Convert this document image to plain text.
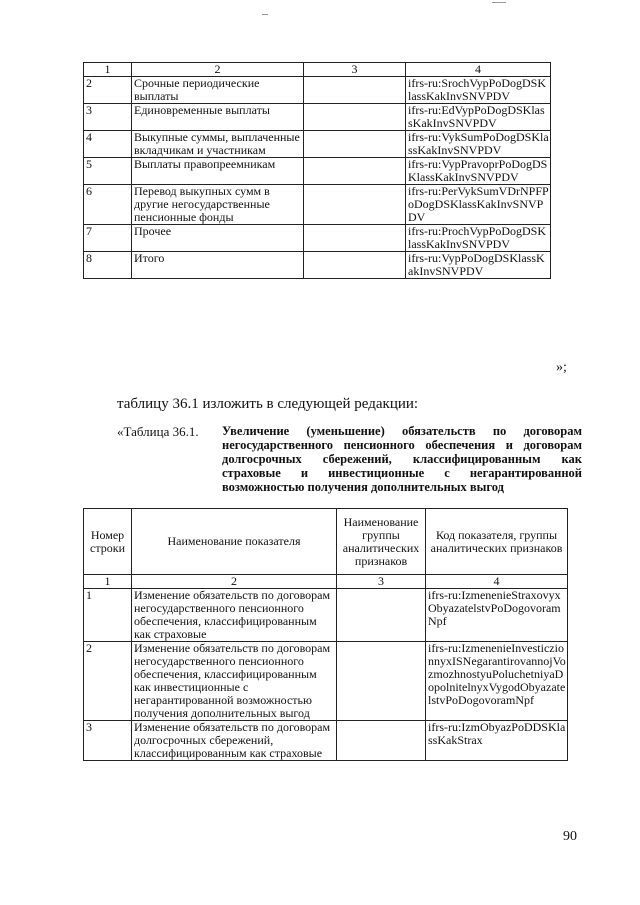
1	2	3	4
2	Срочные периодические выплаты		ifrs-ru:SrochVypPoDogDSKlassKakInvSNVPDV
3	Единовременные выплаты		ifrs-ru:EdVypPoDogDSKlassKakInvSNVPDV
4	Выкупные суммы, выплаченные вкладчикам и участникам		ifrs-ru:VykSumPoDogDSKlassKakInvSNVPDV
5	Выплаты правопреемникам		ifrs-ru:VypPravoprPoDogDSKlassKakInvSNVPDV
6	Перевод выкупных сумм в другие негосударственные пенсионные фонды		ifrs-ru:PerVykSumVDrNPFPoDogDSKlassKakInvSNVPDV
7	Прочее		ifrs-ru:ProchVypPoDogDSKlassKakInvSNVPDV
8	Итого		ifrs-ru:VypPoDogDSKlassKakInvSNVPDV
»;
таблицу 36.1 изложить в следующей редакции:
«Таблица 36.1. Увеличение (уменьшение) обязательств по договорам негосударственного пенсионного обеспечения и договорам долгосрочных сбережений, классифицированным как страховые и инвестиционные с негарантированной возможностью получения дополнительных выгод
Номер строки	Наименование показателя	Наименование группы аналитических признаков	Код показателя, группы аналитических признаков
1	2	3	4
1	Изменение обязательств по договорам негосударственного пенсионного обеспечения, классифицированным как страховые		ifrs-ru:IzmenenieStraxovyxObyazatelstvPoDogovoramNpf
2	Изменение обязательств по договорам негосударственного пенсионного обеспечения, классифицированным как инвестиционные с негарантированной возможностью получения дополнительных выгод		ifrs-ru:IzmenenieInvesticzionnyxISNegarantirovannojVozmozhnostyuPoluchetniyaDopolnitelnyxVygodObyazatelstvPoDogovoramNpf
3	Изменение обязательств по договорам долгосрочных сбережений, классифицированным как страховые		ifrs-ru:IzmObyazPoDDSKlassKakStrax
90
